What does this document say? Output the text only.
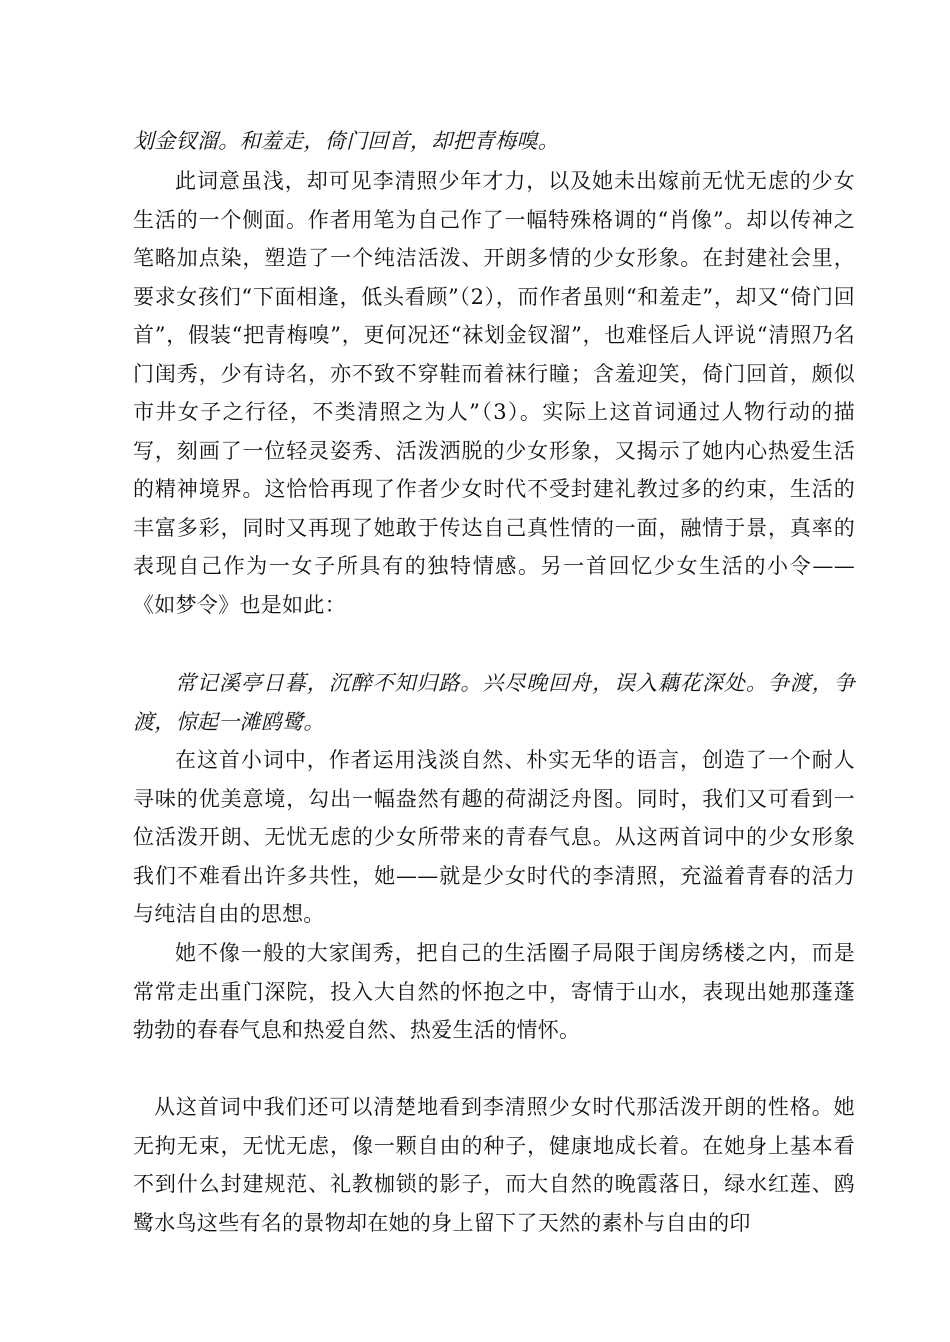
划金钗溜。和羞走，倚门回首，却把青梅嗅。

此词意虽浅，却可见李清照少年才力，以及她未出嫁前无忧无虑的少女生活的一个侧面。作者用笔为自己作了一幅特殊格调的“肖像”。却以传神之笔略加点染，塑造了一个纯洁活泼、开朗多情的少女形象。在封建社会里，要求女孩们“下面相逢，低头看顾”（2），而作者虽则“和羞走”，却又“倚门回首”，假装“把青梅嗅”，更何况还“袜划金钗溜”，也难怪后人评说“清照乃名门闺秀，少有诗名，亦不致不穿鞋而着袜行瞳；含羞迎笑，倚门回首，颇似市井女子之行径，不类清照之为人”（3）。实际上这首词通过人物行动的描写，刻画了一位轻灵姿秀、活泼洒脱的少女形象，又揭示了她内心热爱生活的精神境界。这恰恰再现了作者少女时代不受封建礼教过多的约束，生活的丰富多彩，同时又再现了她敢于传达自己真性情的一面，融情于景，真率的表现自己作为一女子所具有的独特情感。另一首回忆少女生活的小令——《如梦令》也是如此：

常记溪亭日暮，沉醉不知归路。兴尽晚回舟，误入藕花深处。争渡，争渡，惊起一滩鸥鹭。

在这首小词中，作者运用浅淡自然、朴实无华的语言，创造了一个耐人寻味的优美意境，勾出一幅盎然有趣的荷湖泛舟图。同时，我们又可看到一位活泼开朗、无忧无虑的少女所带来的青春气息。从这两首词中的少女形象我们不难看出许多共性，她——就是少女时代的李清照，充溢着青春的活力与纯洁自由的思想。

她不像一般的大家闺秀，把自己的生活圈子局限于闺房绣楼之内，而是常常走出重门深院，投入大自然的怀抱之中，寄情于山水，表现出她那蓬蓬勃勃的春春气息和热爱自然、热爱生活的情怀。

从这首词中我们还可以清楚地看到李清照少女时代那活泼开朗的性格。她无拘无束，无忧无虑，像一颗自由的种子，健康地成长着。在她身上基本看不到什么封建规范、礼教枷锁的影子，而大自然的晚霞落日，绿水红莲、鸥鹭水鸟这些有名的景物却在她的身上留下了天然的素朴与自由的印
